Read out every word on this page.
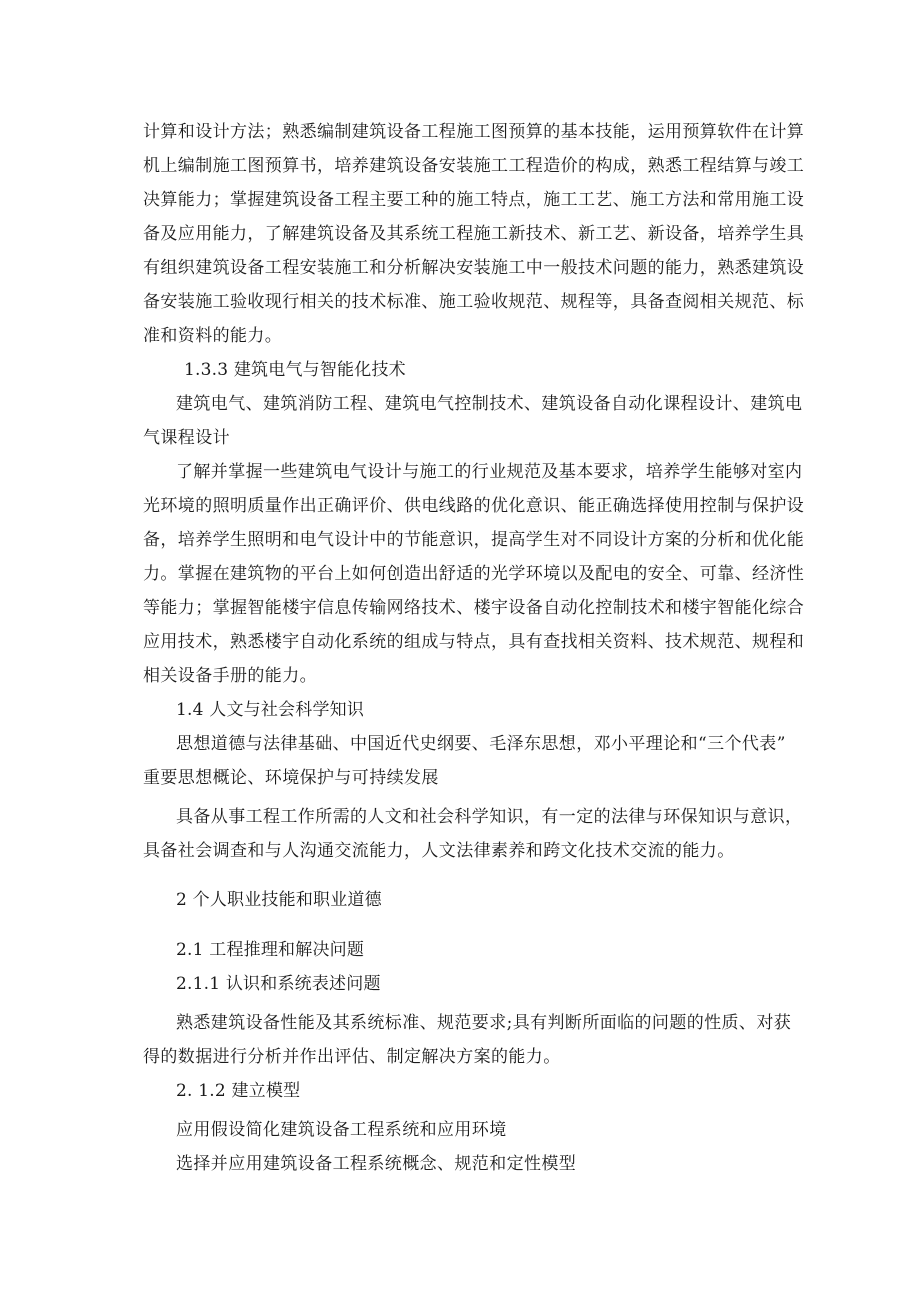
计算和设计方法；熟悉编制建筑设备工程施工图预算的基本技能，运用预算软件在计算
机上编制施工图预算书，培养建筑设备安装施工工程造价的构成，熟悉工程结算与竣工
决算能力；掌握建筑设备工程主要工种的施工特点，施工工艺、施工方法和常用施工设
备及应用能力，了解建筑设备及其系统工程施工新技术、新工艺、新设备，培养学生具
有组织建筑设备工程安装施工和分析解决安装施工中一般技术问题的能力，熟悉建筑设
备安装施工验收现行相关的技术标准、施工验收规范、规程等，具备查阅相关规范、标
准和资料的能力。
1.3.3 建筑电气与智能化技术
建筑电气、建筑消防工程、建筑电气控制技术、建筑设备自动化课程设计、建筑电
气课程设计
了解并掌握一些建筑电气设计与施工的行业规范及基本要求，培养学生能够对室内
光环境的照明质量作出正确评价、供电线路的优化意识、能正确选择使用控制与保护设
备，培养学生照明和电气设计中的节能意识，提高学生对不同设计方案的分析和优化能
力。掌握在建筑物的平台上如何创造出舒适的光学环境以及配电的安全、可靠、经济性
等能力；掌握智能楼宇信息传输网络技术、楼宇设备自动化控制技术和楼宇智能化综合
应用技术，熟悉楼宇自动化系统的组成与特点，具有查找相关资料、技术规范、规程和
相关设备手册的能力。
1.4 人文与社会科学知识
思想道德与法律基础、中国近代史纲要、毛泽东思想，邓小平理论和“三个代表”
重要思想概论、环境保护与可持续发展
具备从事工程工作所需的人文和社会科学知识，有一定的法律与环保知识与意识，
具备社会调查和与人沟通交流能力，人文法律素养和跨文化技术交流的能力。
2 个人职业技能和职业道德
2.1 工程推理和解决问题
2.1.1 认识和系统表述问题
熟悉建筑设备性能及其系统标准、规范要求;具有判断所面临的问题的性质、对获
得的数据进行分析并作出评估、制定解决方案的能力。
2. 1.2 建立模型
应用假设简化建筑设备工程系统和应用环境
选择并应用建筑设备工程系统概念、规范和定性模型
